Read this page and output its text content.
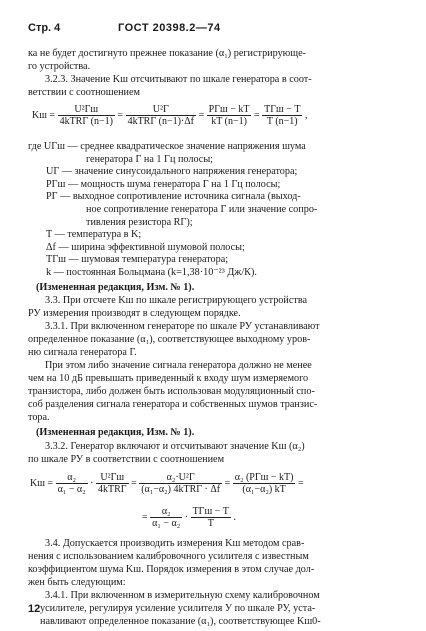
Стр. 4	ГОСТ 20398.2—74
ка не будет достигнуто прежнее показание (α₁) регистрирующе-
го устройства.
3.2.3. Значение Kш отсчитывают по шкале генератора в соот-
ветствии с соотношением
Kш = $\frac{\text{U²Гш}}{\text{4kTRГ (n−1)}} = \frac{\text{U²Г}}{\text{4kTRГ (n−1)·Δf}} = \frac{\text{PГш − kT}}{kT (n-1)} = \frac{\text{TГш − T}}{T (n-1)}$ ,
где UГш — среднее квадратическое значение напряжения шума
генератора Г на 1 Гц полосы;
UГ — значение синусоидального напряжения генератора;
PГш — мощность шума генератора Г на 1 Гц полосы;
PГ — выходное сопротивление источника сигнала (выход-
ное сопротивление генератора Г или значение сопро-
тивления резистора RГ);
T — температура в K;
Δf — ширина эффективной шумовой полосы;
TГш — шумовая температура генератора;
k — постоянная Больцмана (k=1,38·10⁻²³ Дж/К).
(Измененная редакция, Изм. № 1).
3.3. При отсчете Kш по шкале регистрирующего устройства
РУ измерения производят в следующем порядке.
3.3.1. При включенном генераторе по шкале РУ устанавливают
определенное показание (α₁), соответствующее выходному уров-
ню сигнала генератора Г.
При этом либо значение сигнала генератора должно не менее
чем на 10 дБ превышать приведенный к входу шум измеряемого
транзистора, либо должен быть использован модуляционный спо-
соб разделения сигнала генератора и собственных шумов транзис-
тора.
(Измененная редакция, Изм. № 1).
3.3.2. Генератор включают и отсчитывают значение Kш (α₂)
по шкале РУ в соответствии с соотношением
Kш = $\frac{\text{α₂}}{\text{α₁ − α₂}} \cdot \frac{\text{U²Гш}}{\text{4kTRГ}} = \frac{\text{α₂·U²Г}}{\text{(α₁−α₂) 4kTRГ · Δf}} = \frac{\text{α₂ (PГш − kT)}}{\text{(α₁−α₂) kT}}$ =
= $\frac{\text{α₂}}{\text{α₁ − α₂}} \cdot \frac{\text{TГш − T}}{T}$ .
3.4. Допускается производить измерения Kш методом срав-
нения с использованием калибровочного усилителя с известным
коэффициентом шума Kш. Порядок измерения в этом случае дол-
жен быть следующим:
3.4.1. При включенном в измерительную схему калибровочном
усилителе, регулируя усиление усилителя У по шкале РУ, уста-
навливают определенное показание (α₁), соответствующее Kш0-
12
